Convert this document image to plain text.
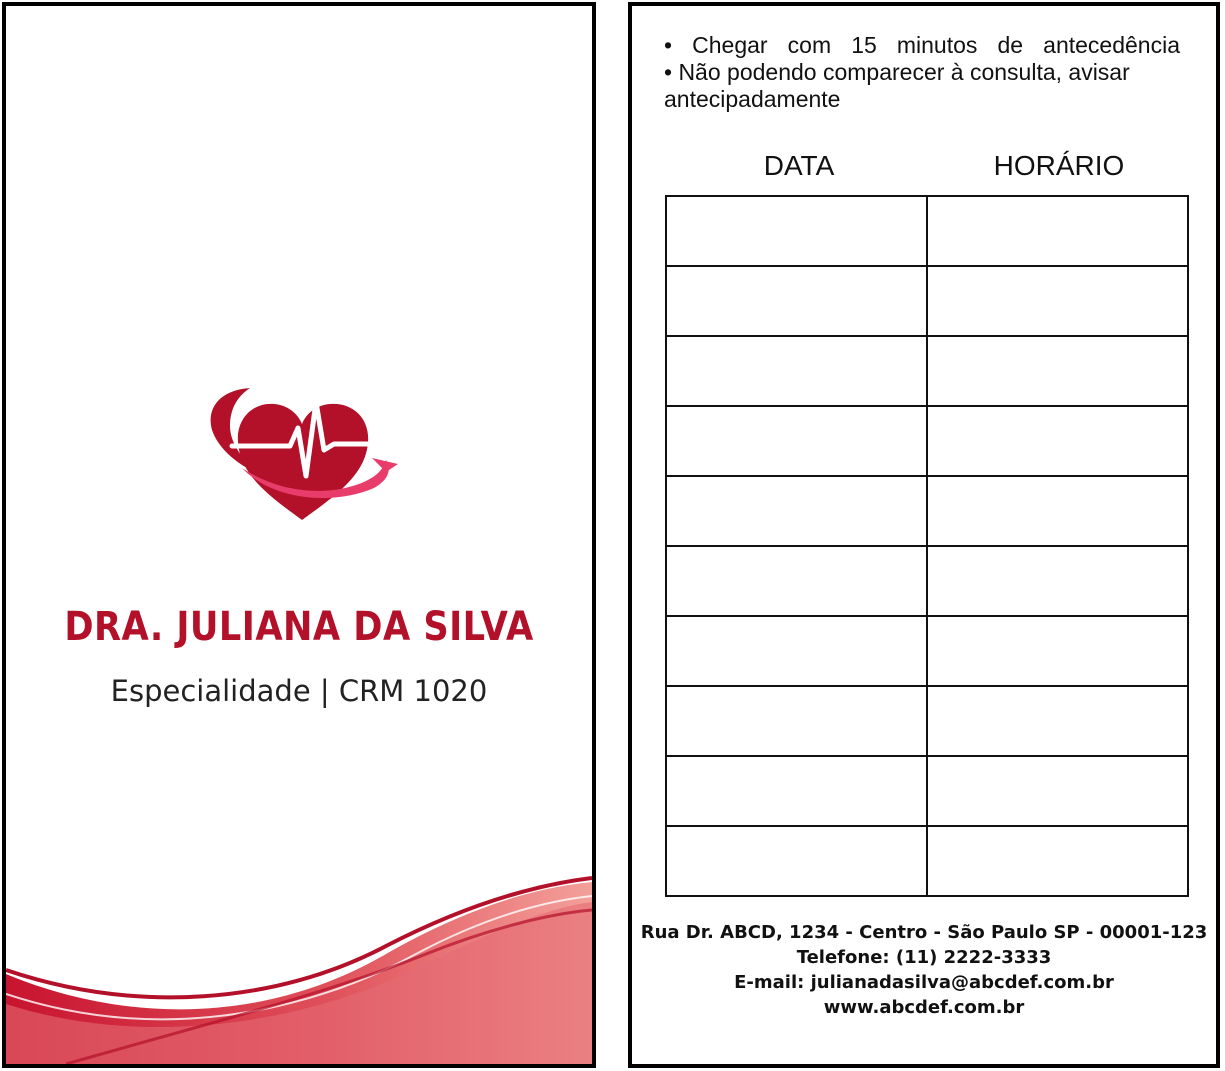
DRA. JULIANA DA SILVA
Especialidade | CRM 1020
• Chegar com 15 minutos de antecedência
• Não podendo comparecer à consulta, avisar antecipadamente
DATA	HORÁRIO

Rua Dr. ABCD, 1234 - Centro - São Paulo SP - 00001-123
Telefone: (11) 2222-3333
E-mail: julianadasilva@abcdef.com.br
www.abcdef.com.br
